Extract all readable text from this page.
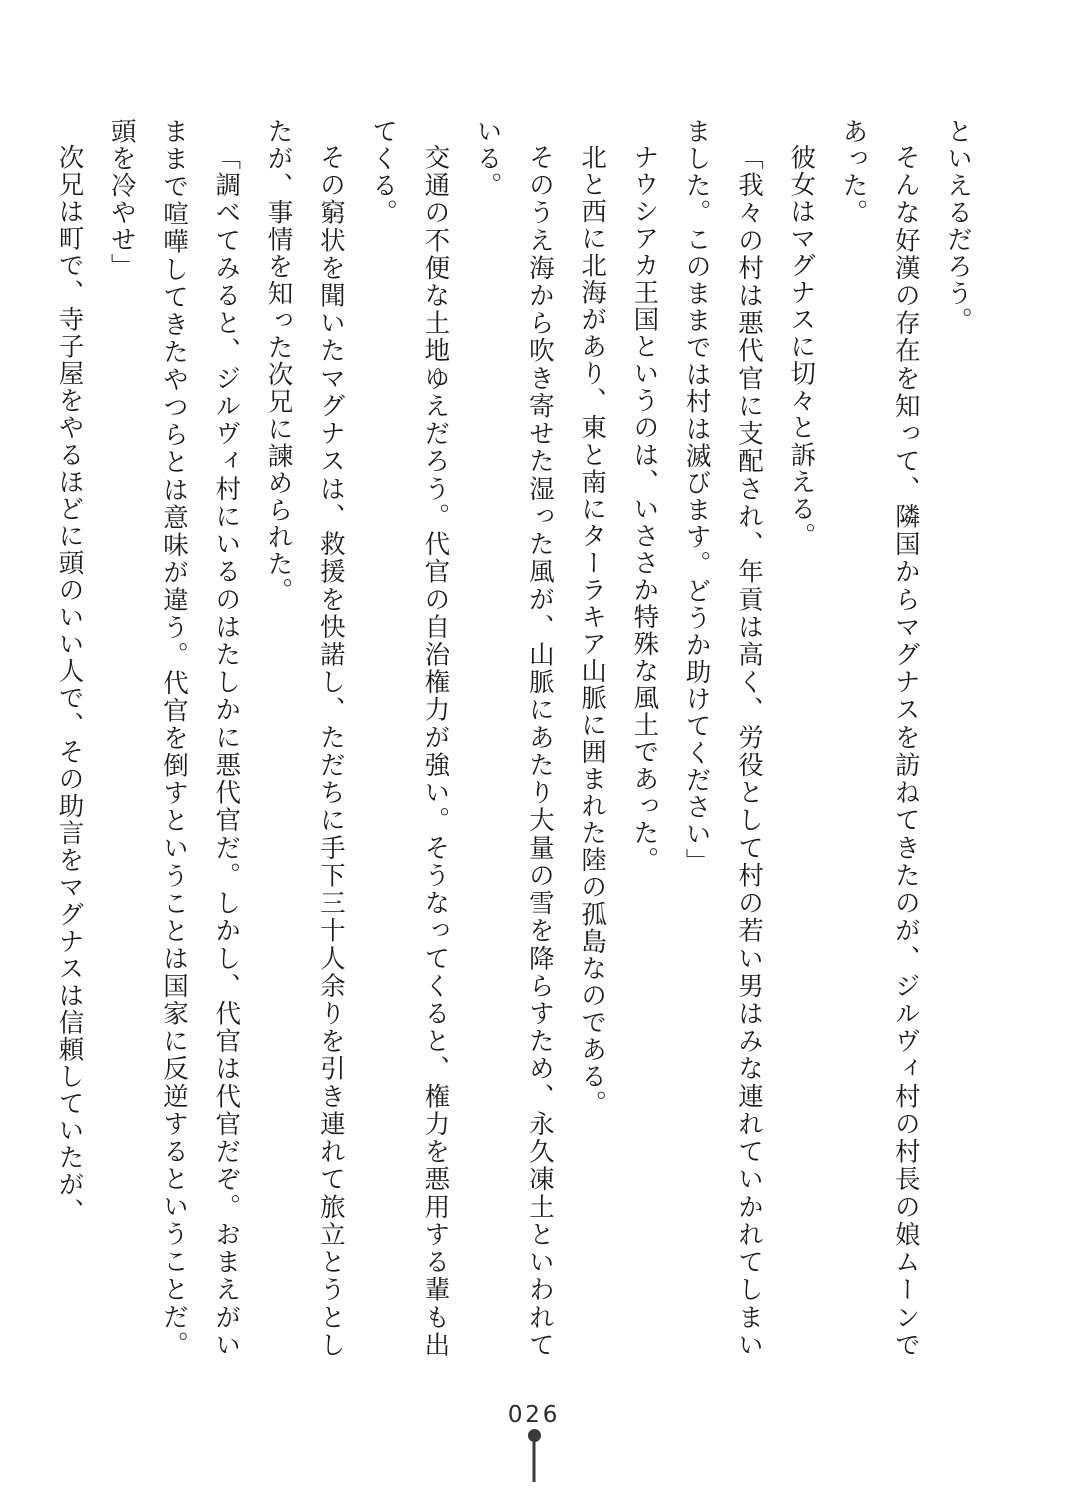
といえるだろう。

そんな好漢の存在を知って、隣国からマグナスを訪ねてきたのが、ジルヴィ村の村長の娘ムーンであった。

彼女はマグナスに切々と訴える。

「我々の村は悪代官に支配され、年貢は高く、労役として村の若い男はみな連れていかれてしまいました。このままでは村は滅びます。どうか助けてください」

ナウシアカ王国というのは、いささか特殊な風土であった。

北と西に北海があり、東と南にターラキア山脈に囲まれた陸の孤島なのである。

そのうえ海から吹き寄せた湿った風が、山脈にあたり大量の雪を降らすため、永久凍土といわれている。

交通の不便な土地ゆえだろう。代官の自治権力が強い。そうなってくると、権力を悪用する輩も出てくる。

その窮状を聞いたマグナスは、救援を快諾し、ただちに手下三十人余りを引き連れて旅立とうとしたが、事情を知った次兄に諫められた。

「調べてみると、ジルヴィ村にいるのはたしかに悪代官だ。しかし、代官は代官だぞ。おまえがいままで喧嘩してきたやつらとは意味が違う。代官を倒すということは国家に反逆するということだ。頭を冷やせ」

次兄は町で、寺子屋をやるほどに頭のいい人で、その助言をマグナスは信頼していたが、

026
